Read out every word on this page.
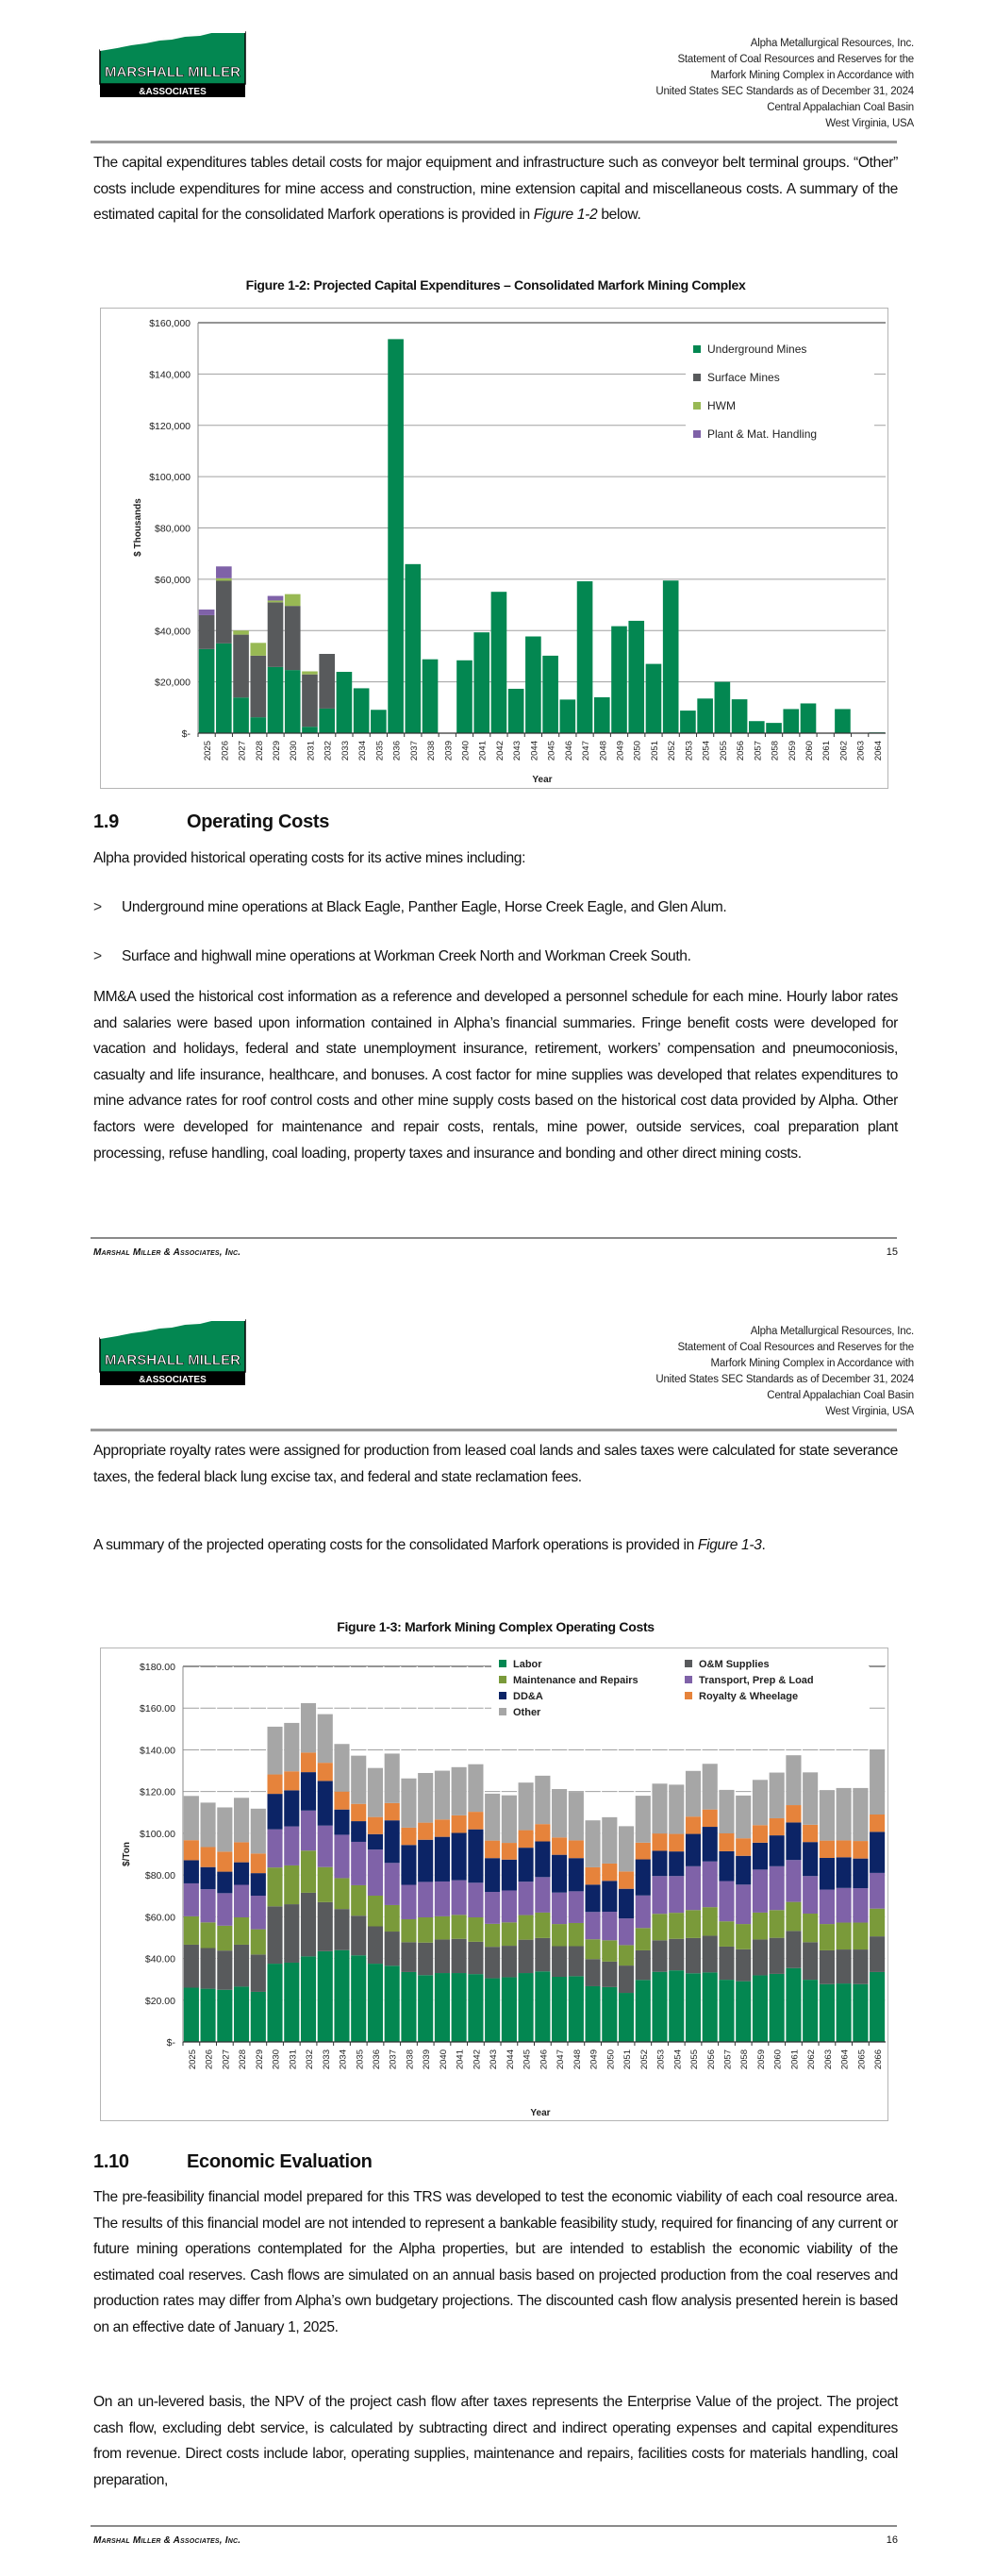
MARSHALL MILLER
&ASSOCIATES
Alpha Metallurgical Resources, Inc.
Statement of Coal Resources and Reserves for the
Marfork Mining Complex in Accordance with
United States SEC Standards as of December 31, 2024
Central Appalachian Coal Basin
West Virginia, USA

The capital expenditures tables detail costs for major equipment and infrastructure such as conveyor belt terminal groups. “Other” costs include expenditures for mine access and construction, mine extension capital and miscellaneous costs. A summary of the estimated capital for the consolidated Marfork operations is provided in Figure 1-2 below.

Figure 1-2: Projected Capital Expenditures – Consolidated Marfork Mining Complex
$-
$20,000
$40,000
$60,000
$80,000
$100,000
$120,000
$140,000
$160,000
2025 2026 2027 2028 2029 2030 2031 2032 2033 2034 2035 2036 2037 2038 2039 2040 2041 2042 2043 2044 2045 2046 2047 2048 2049 2050 2051 2052 2053 2054 2055 2056 2057 2058 2059 2060 2061 2062 2063 2064
Year
$ Thousands
Underground Mines
Surface Mines
HWM
Plant & Mat. Handling
1.9	Operating Costs

Alpha provided historical operating costs for its active mines including:

> Underground mine operations at Black Eagle, Panther Eagle, Horse Creek Eagle, and Glen Alum.
> Surface and highwall mine operations at Workman Creek North and Workman Creek South.

MM&A used the historical cost information as a reference and developed a personnel schedule for each mine. Hourly labor rates and salaries were based upon information contained in Alpha’s financial summaries. Fringe benefit costs were developed for vacation and holidays, federal and state unemployment insurance, retirement, workers’ compensation and pneumoconiosis, casualty and life insurance, healthcare, and bonuses. A cost factor for mine supplies was developed that relates expenditures to mine advance rates for roof control costs and other mine supply costs based on the historical cost data provided by Alpha. Other factors were developed for maintenance and repair costs, rentals, mine power, outside services, coal preparation plant processing, refuse handling, coal loading, property taxes and insurance and bonding and other direct mining costs.

Marshal Miller & Associates, Inc.	15
MARSHALL MILLER
&ASSOCIATES
Alpha Metallurgical Resources, Inc.
Statement of Coal Resources and Reserves for the
Marfork Mining Complex in Accordance with
United States SEC Standards as of December 31, 2024
Central Appalachian Coal Basin
West Virginia, USA

Appropriate royalty rates were assigned for production from leased coal lands and sales taxes were calculated for state severance taxes, the federal black lung excise tax, and federal and state reclamation fees.

A summary of the projected operating costs for the consolidated Marfork operations is provided in Figure 1-3.

Figure 1-3: Marfork Mining Complex Operating Costs
$-
$20.00
$40.00
$60.00
$80.00
$100.00
$120.00
$140.00
$160.00
$180.00
2025 2026 2027 2028 2029 2030 2031 2032 2033 2034 2035 2036 2037 2038 2039 2040 2041 2042 2043 2044 2045 2046 2047 2048 2049 2050 2051 2052 2053 2054 2055 2056 2057 2058 2059 2060 2061 2062 2063 2064 2065 2066
Year
$/Ton
Labor	O&M Supplies
Maintenance and Repairs	Transport, Prep & Load
DD&A	Royalty & Wheelage
Other
1.10	Economic Evaluation

The pre-feasibility financial model prepared for this TRS was developed to test the economic viability of each coal resource area. The results of this financial model are not intended to represent a bankable feasibility study, required for financing of any current or future mining operations contemplated for the Alpha properties, but are intended to establish the economic viability of the estimated coal reserves. Cash flows are simulated on an annual basis based on projected production from the coal reserves and production rates may differ from Alpha’s own budgetary projections. The discounted cash flow analysis presented herein is based on an effective date of January 1, 2025.

On an un-levered basis, the NPV of the project cash flow after taxes represents the Enterprise Value of the project. The project cash flow, excluding debt service, is calculated by subtracting direct and indirect operating expenses and capital expenditures from revenue. Direct costs include labor, operating supplies, maintenance and repairs, facilities costs for materials handling, coal preparation,

Marshal Miller & Associates, Inc.	16
